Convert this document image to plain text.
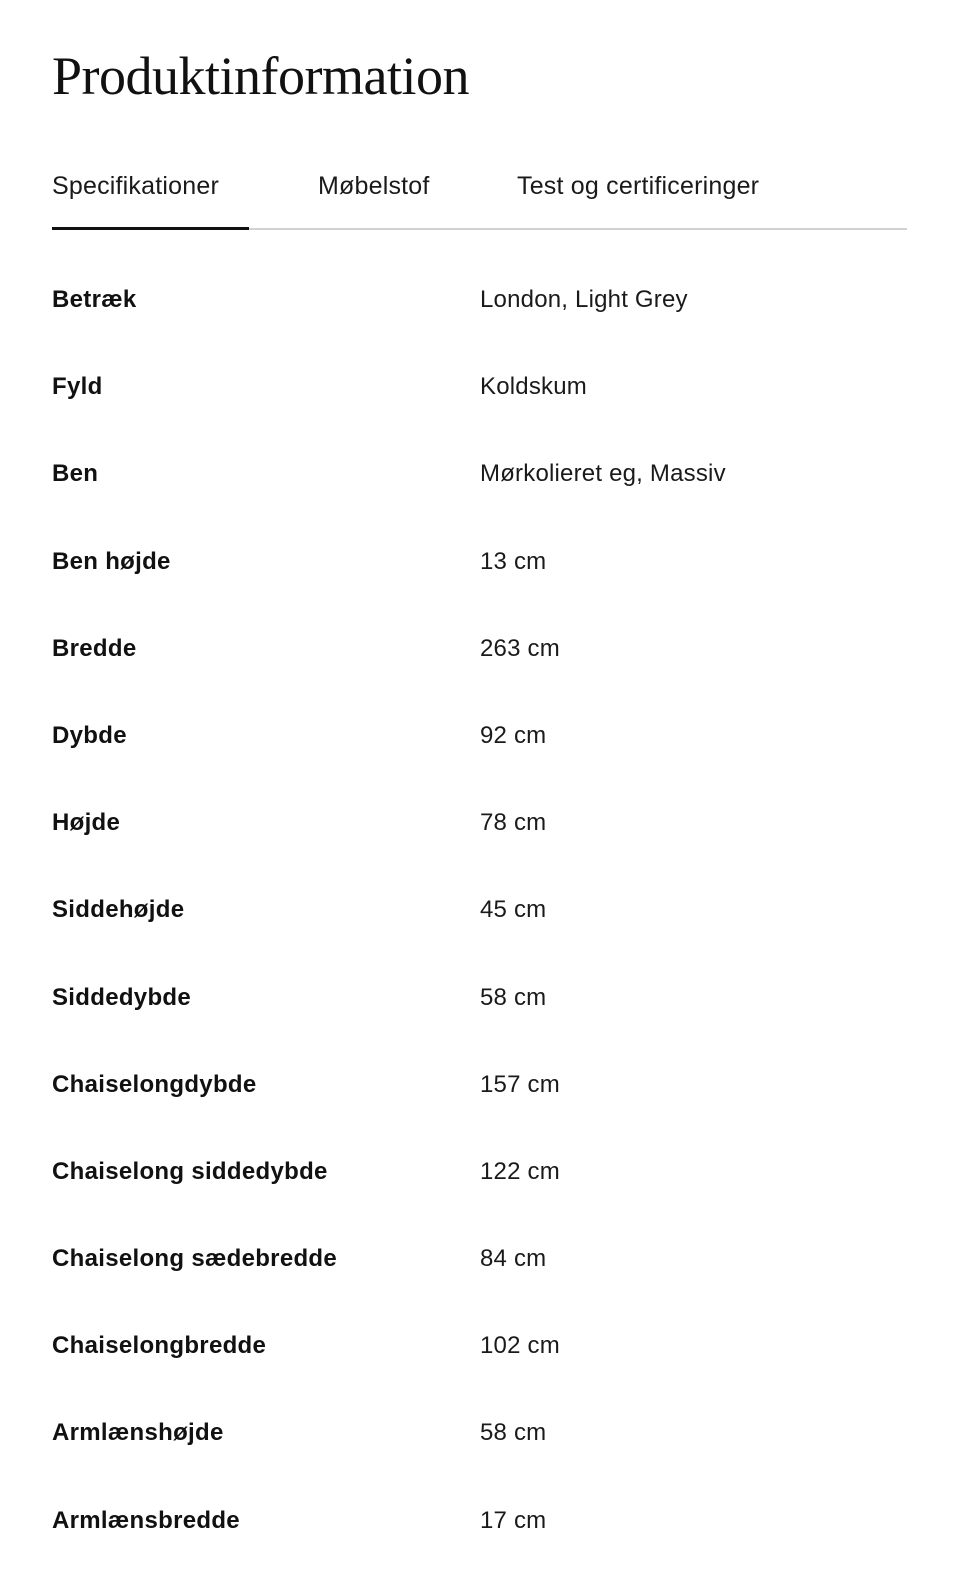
Produktinformation
Specifikationer	Møbelstof	Test og certificeringer
Betræk	London, Light Grey
Fyld	Koldskum
Ben	Mørkolieret eg, Massiv
Ben højde	13 cm
Bredde	263 cm
Dybde	92 cm
Højde	78 cm
Siddehøjde	45 cm
Siddedybde	58 cm
Chaiselongdybde	157 cm
Chaiselong siddedybde	122 cm
Chaiselong sædebredde	84 cm
Chaiselongbredde	102 cm
Armlænshøjde	58 cm
Armlænsbredde	17 cm
